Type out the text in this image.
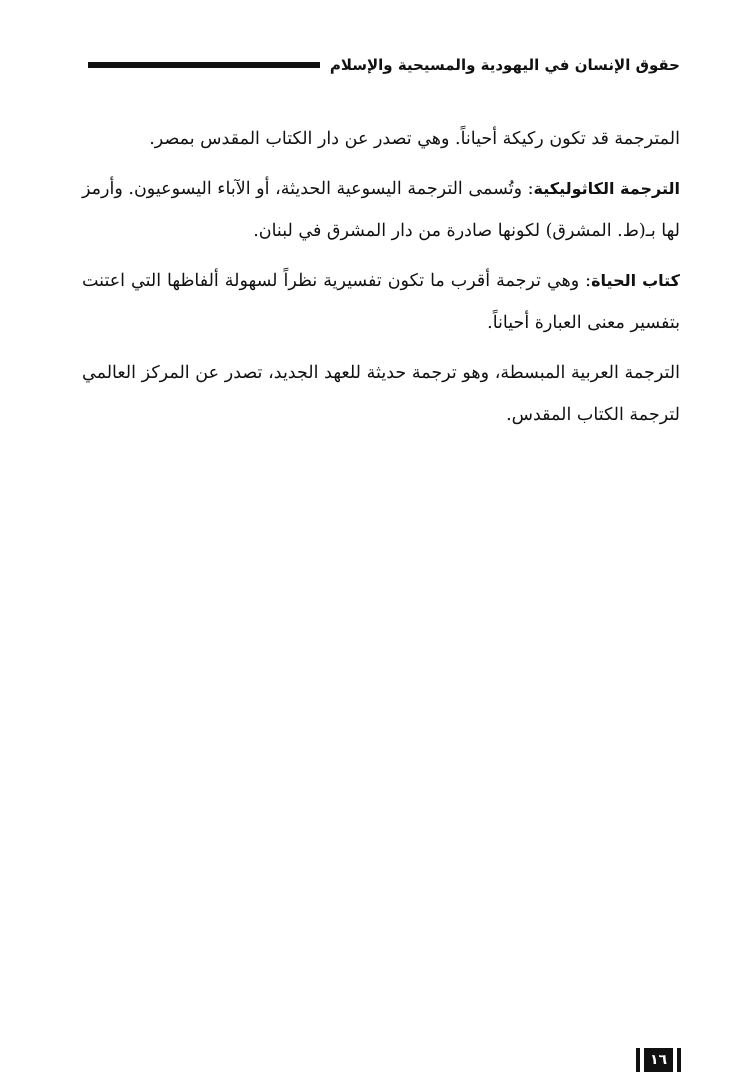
حقوق الإنسان في اليهودية والمسيحية والإسلام

المترجمة قد تكون ركيكة أحياناً. وهي تصدر عن دار الكتاب المقدس بمصر.

الترجمة الكاثوليكية: وتُسمى الترجمة اليسوعية الحديثة، أو الآباء اليسوعيون. وأرمز لها بـ(ط. المشرق) لكونها صادرة من دار المشرق في لبنان.

كتاب الحياة: وهي ترجمة أقرب ما تكون تفسيرية نظراً لسهولة ألفاظها التي اعتنت بتفسير معنى العبارة أحياناً.

الترجمة العربية المبسطة، وهو ترجمة حديثة للعهد الجديد، تصدر عن المركز العالمي لترجمة الكتاب المقدس.

١٦
